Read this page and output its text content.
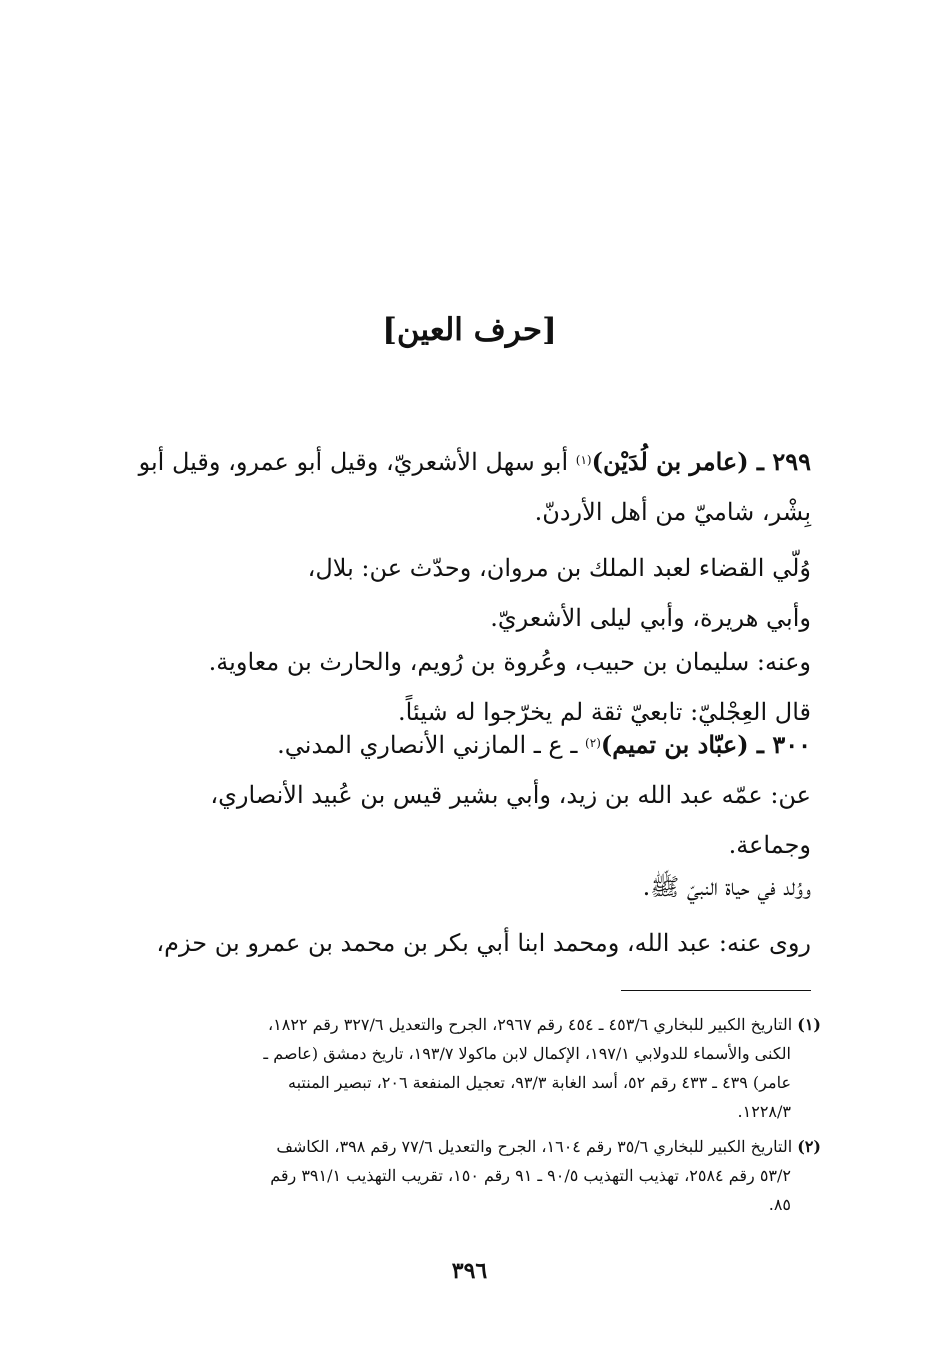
[حرف العين]
٢٩٩ ـ (عامر بن لُدَيْن)$^{(١)}$ أبو سهل الأشعريّ، وقيل أبو عمرو، وقيل أبو
بِشْر، شاميّ من أهل الأردنّ.
وُلّي القضاء لعبد الملك بن مروان، وحدّث عن: بلال،
وأبي هريرة، وأبي ليلى الأشعريّ.
وعنه: سليمان بن حبيب، وعُروة بن رُويم، والحارث بن معاوية.
قال العِجْليّ: تابعيّ ثقة لم يخرّجوا له شيئاً.
٣٠٠ ـ (عبّاد بن تميم)$^{(٢)}$ ـ ع ـ المازني الأنصاري المدني.
عن: عمّه عبد الله بن زيد، وأبي بشير قيس بن عُبيد الأنصاري،
وجماعة.
ووُلد في حياة النبيّ ﷺ.
روى عنه: عبد الله، ومحمد ابنا أبي بكر بن محمد بن عمرو بن حزم،
(١) التاريخ الكبير للبخاري ٤٥٣/٦ ـ ٤٥٤ رقم ٢٩٦٧، الجرح والتعديل ٣٢٧/٦ رقم ١٨٢٢،
الكنى والأسماء للدولابي ١٩٧/١، الإكمال لابن ماكولا ١٩٣/٧، تاريخ دمشق (عاصم ـ
عامر) ٤٣٩ ـ ٤٣٣ رقم ٥٢، أسد الغابة ٩٣/٣، تعجيل المنفعة ٢٠٦، تبصير المنتبه
١٢٢٨/٣.
(٢) التاريخ الكبير للبخاري ٣٥/٦ رقم ١٦٠٤، الجرح والتعديل ٧٧/٦ رقم ٣٩٨، الكاشف
٥٣/٢ رقم ٢٥٨٤، تهذيب التهذيب ٩٠/٥ ـ ٩١ رقم ١٥٠، تقريب التهذيب ٣٩١/١ رقم
٨٥.
٣٩٦
